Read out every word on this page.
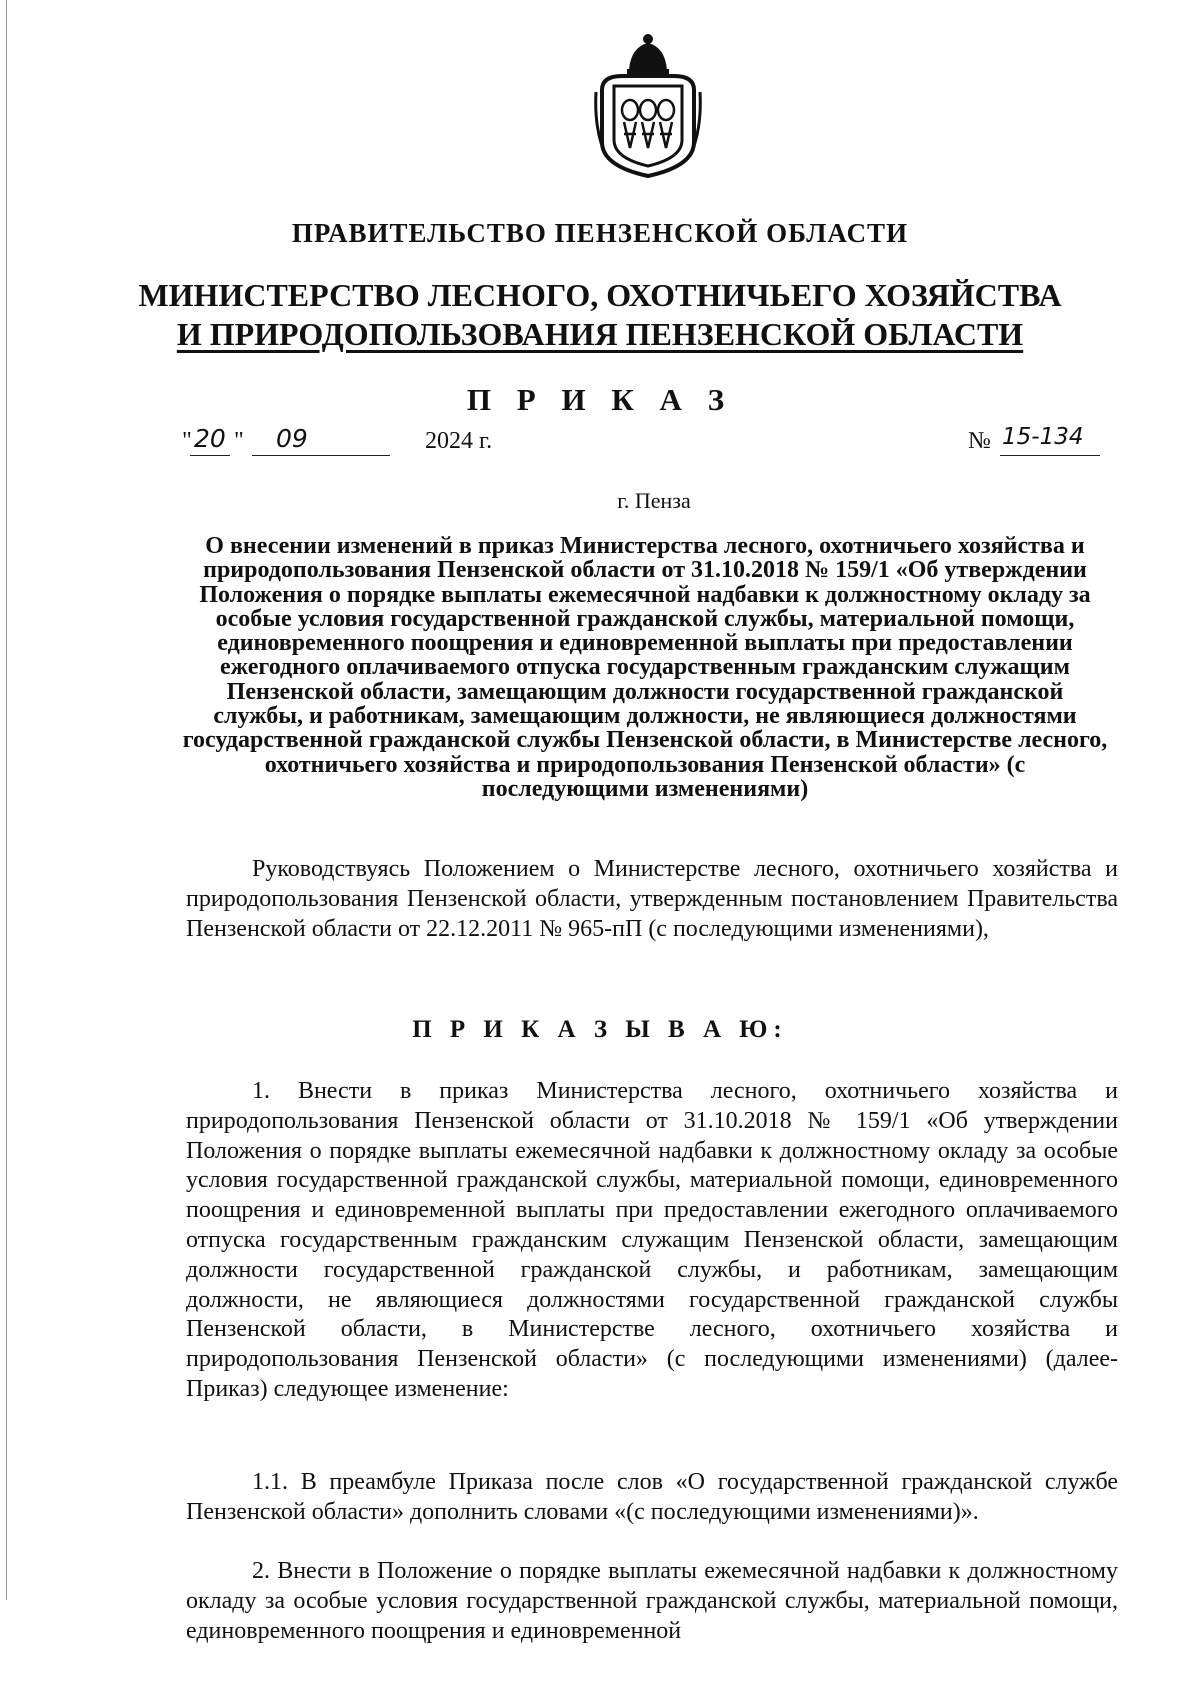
ПРАВИТЕЛЬСТВО ПЕНЗЕНСКОЙ ОБЛАСТИ
МИНИСТЕРСТВО ЛЕСНОГО, ОХОТНИЧЬЕГО ХОЗЯЙСТВА
И ПРИРОДОПОЛЬЗОВАНИЯ ПЕНЗЕНСКОЙ ОБЛАСТИ
П Р И К А З
" 20 " 09	2024 г.	№ 15-134
г. Пенза
О внесении изменений в приказ Министерства лесного, охотничьего хозяйства и природопользования Пензенской области от 31.10.2018 № 159/1 «Об утверждении Положения о порядке выплаты ежемесячной надбавки к должностному окладу за особые условия государственной гражданской службы, материальной помощи, единовременного поощрения и единовременной выплаты при предоставлении ежегодного оплачиваемого отпуска государственным гражданским служащим Пензенской области, замещающим должности государственной гражданской службы, и работникам, замещающим должности, не являющиеся должностями государственной гражданской службы Пензенской области, в Министерстве лесного, охотничьего хозяйства и природопользования Пензенской области» (с последующими изменениями)
Руководствуясь Положением о Министерстве лесного, охотничьего хозяйства и природопользования Пензенской области, утвержденным постановлением Правительства Пензенской области от 22.12.2011 № 965-пП (с последующими изменениями),
П Р И К А З Ы В А Ю:
1. Внести в приказ Министерства лесного, охотничьего хозяйства и природопользования Пензенской области от 31.10.2018 № 159/1 «Об утверждении Положения о порядке выплаты ежемесячной надбавки к должностному окладу за особые условия государственной гражданской службы, материальной помощи, единовременного поощрения и единовременной выплаты при предоставлении ежегодного оплачиваемого отпуска государственным гражданским служащим Пензенской области, замещающим должности государственной гражданской службы, и работникам, замещающим должности, не являющиеся должностями государственной гражданской службы Пензенской области, в Министерстве лесного, охотничьего хозяйства и природопользования Пензенской области» (с последующими изменениями) (далее-Приказ) следующее изменение:
1.1. В преамбуле Приказа после слов «О государственной гражданской службе Пензенской области» дополнить словами «(с последующими изменениями)».
2. Внести в Положение о порядке выплаты ежемесячной надбавки к должностному окладу за особые условия государственной гражданской службы, материальной помощи, единовременного поощрения и единовременной
